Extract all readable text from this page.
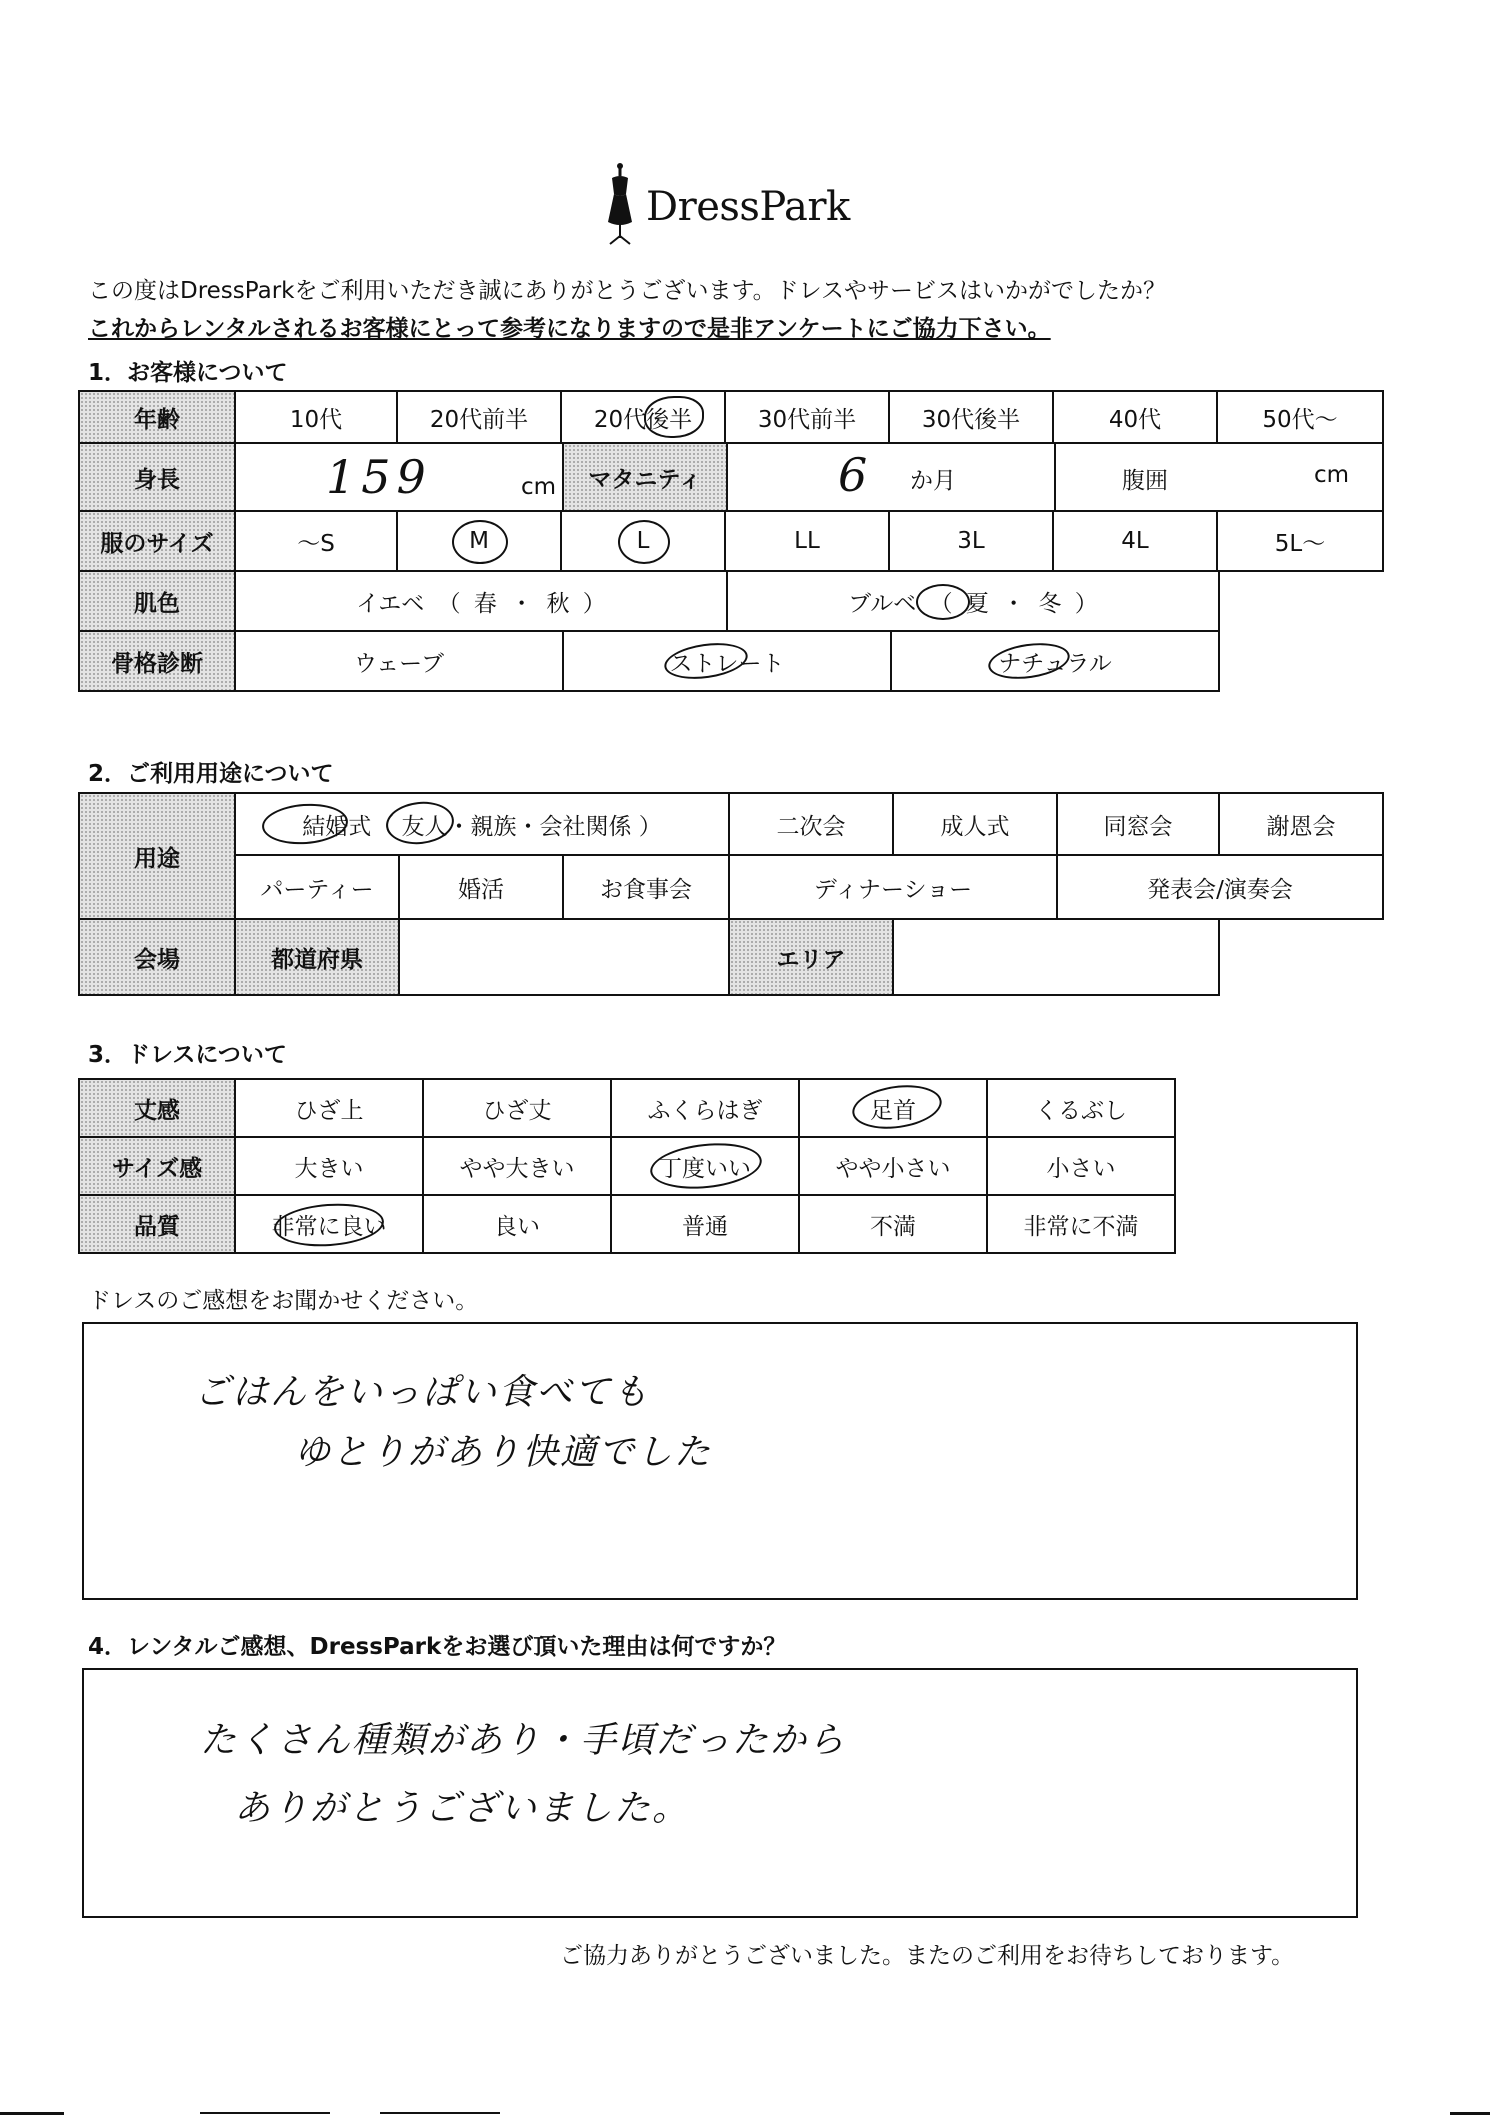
DressPark
この度はDressParkをご利用いただき誠にありがとうございます。ドレスやサービスはいかがでしたか？
これからレンタルされるお客様にとって参考になりますので是非アンケートにご協力下さい。
1．お客様について
年齢	10代	20代前半	20代後半	30代前半	30代後半	40代	50代～
身長	159	cm	マタニティ	6 か月	腹囲	cm
服のサイズ	～S	M	L	LL	3L	4L	5L～
肌色	イエベ （ 春 ・ 秋 ）	ブルベ （ 夏 ・ 冬 ）
骨格診断	ウェーブ	ストレート	ナチュラル
2．ご利用用途について
用途
結婚式（ 友人・親族・会社関係 ）	二次会	成人式	同窓会	謝恩会
パーティー	婚活	お食事会	ディナーショー	発表会/演奏会
会場	都道府県	エリア
3．ドレスについて
丈感	ひざ上	ひざ丈	ふくらはぎ	足首	くるぶし
サイズ感	大きい	やや大きい	丁度いい	やや小さい	小さい
品質	非常に良い	良い	普通	不満	非常に不満
ドレスのご感想をお聞かせください。
ごはんをいっぱい食べても
ゆとりがあり快適でした
4．レンタルご感想、DressParkをお選び頂いた理由は何ですか？
たくさん種類があり・手頃だったから
ありがとうございました。
ご協力ありがとうございました。またのご利用をお待ちしております。
